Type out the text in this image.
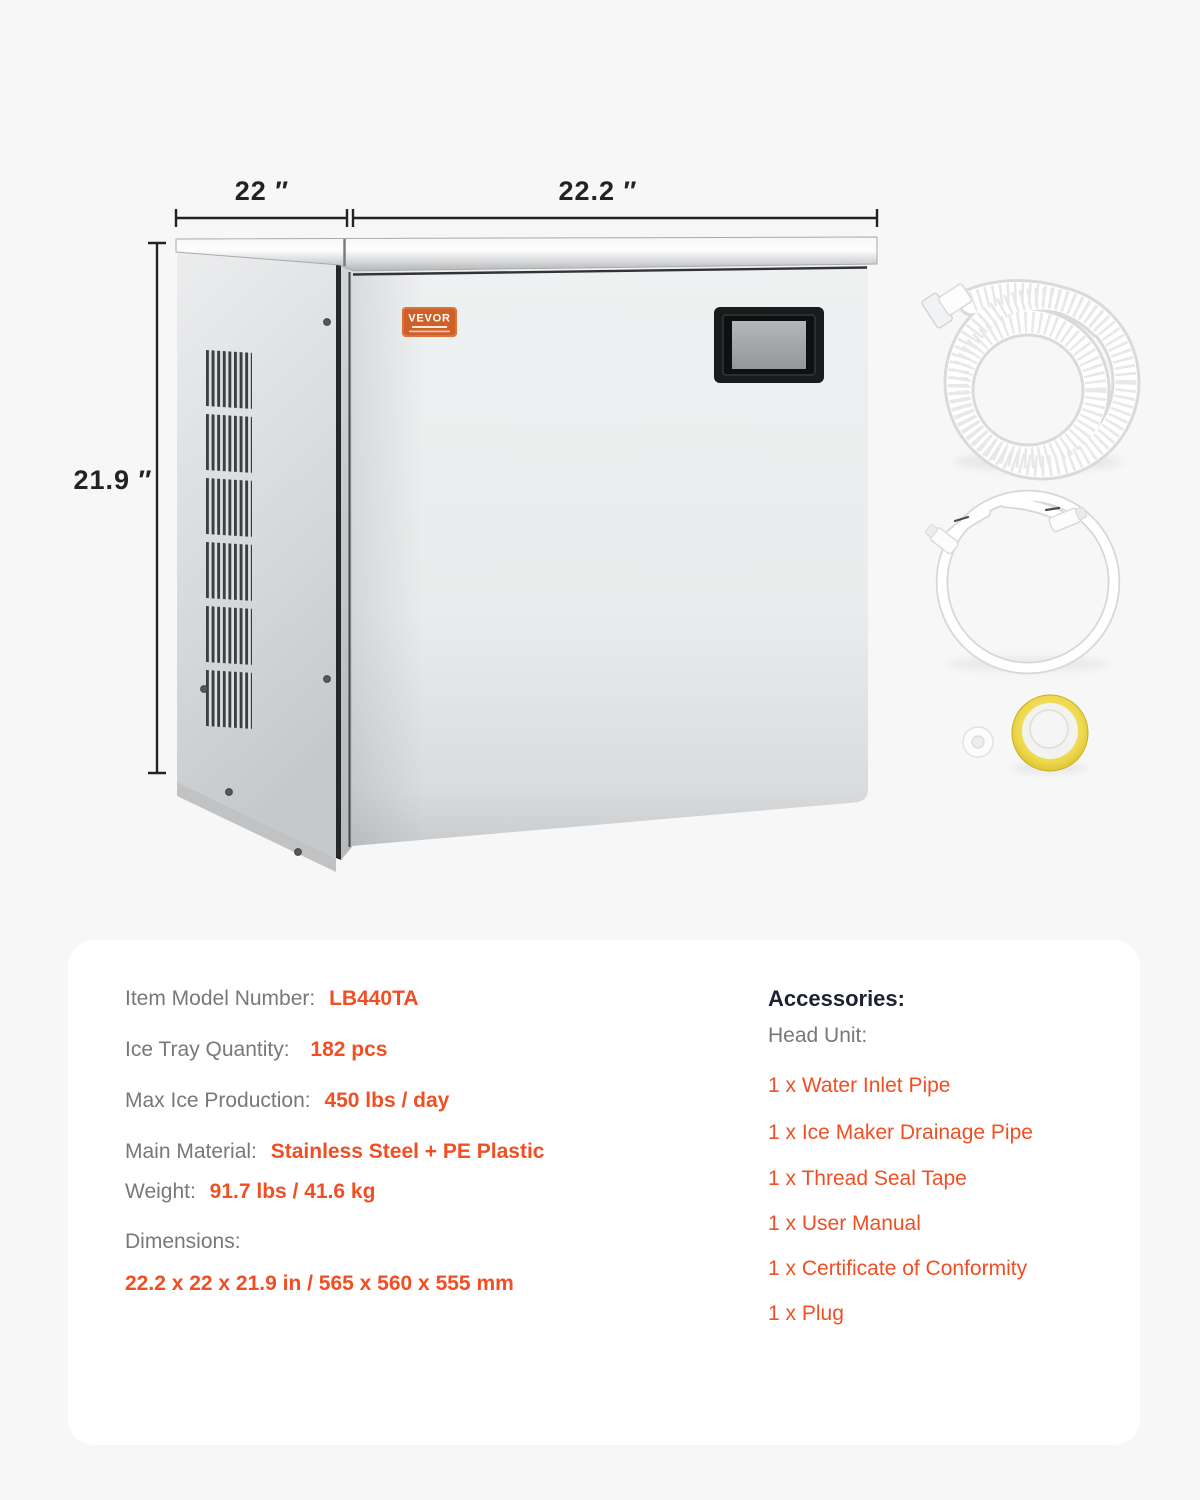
22 ″	22.2 ″
21.9 ″
VEVOR
Item Model Number: LB440TA
Ice Tray Quantity: 182 pcs
Max Ice Production: 450 lbs / day
Main Material: Stainless Steel + PE Plastic
Weight: 91.7 lbs / 41.6 kg
Dimensions:
22.2 x 22 x 21.9 in / 565 x 560 x 555 mm
Accessories:
Head Unit:
1 x Water Inlet Pipe
1 x Ice Maker Drainage Pipe
1 x Thread Seal Tape
1 x User Manual
1 x Certificate of Conformity
1 x Plug
